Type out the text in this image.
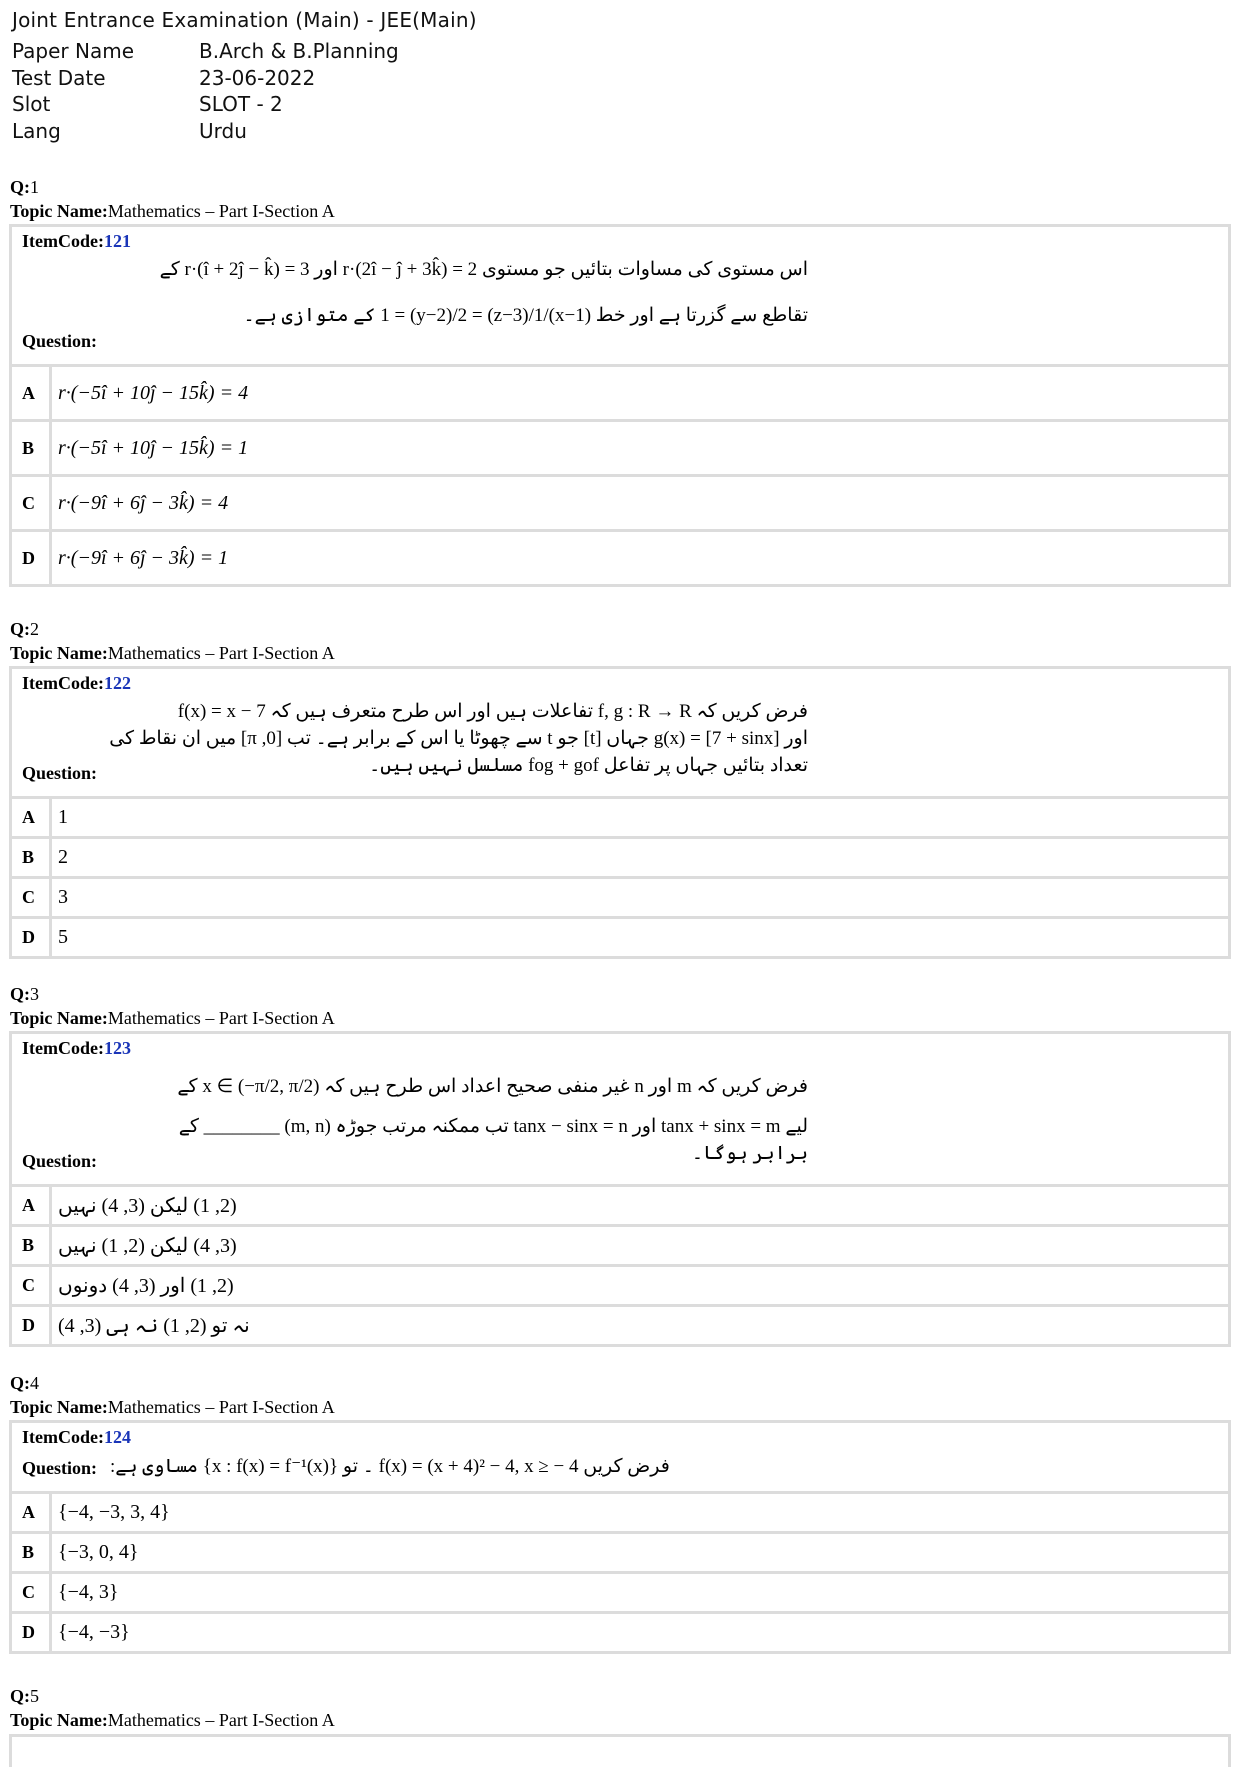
Joint Entrance Examination (Main) - JEE(Main)
Paper Name	B.Arch & B.Planning
Test Date	23-06-2022
Slot	SLOT - 2
Lang	Urdu
Q:1
Topic Name:Mathematics – Part I-Section A
ItemCode:121
اس مستوی کی مساوات بتائیں جو مستوی r·(2î − ĵ + 3k̂) = 2 اور r·(î + 2ĵ − k̂) = 3 کے
تقاطع سے گزرتا ہے اور خط (x−1)/1 = (y−2)/2 = (z−3)/1 کے متوازی ہے۔
Question:
A	r·(−5î + 10ĵ − 15k̂) = 4
B	r·(−5î + 10ĵ − 15k̂) = 1
C	r·(−9î + 6ĵ − 3k̂) = 4
D	r·(−9î + 6ĵ − 3k̂) = 1
Q:2
Topic Name:Mathematics – Part I-Section A
ItemCode:122
فرض کریں کہ f, g : R → R تفاعلات ہیں اور اس طرح متعرف ہیں کہ f(x) = x − 7
اور g(x) = [7 + sinx] جہاں [t] جو t سے چھوٹا یا اس کے برابر ہے۔ تب [0, π] میں ان نقاط کی
تعداد بتائیں جہاں پر تفاعل fog + gof مسلسل نہیں ہیں۔
Question:
A	1
B	2
C	3
D	5
Q:3
Topic Name:Mathematics – Part I-Section A
ItemCode:123
فرض کریں کہ m اور n غیر منفی صحیح اعداد اس طرح ہیں کہ x ∈ (−π/2, π/2) کے
لیے tanx + sinx = m اور tanx − sinx = n تب ممکنہ مرتب جوڑہ (m, n) ________ کے
برابر ہوگا۔
Question:
A	(2, 1) لیکن (3, 4) نہیں
B	(3, 4) لیکن (2, 1) نہیں
C	(2, 1) اور (3, 4) دونوں
D	نہ تو (2, 1) نہ ہی (3, 4)
Q:4
Topic Name:Mathematics – Part I-Section A
ItemCode:124
فرض کریں f(x) = (x + 4)² − 4, x ≥ − 4 ۔ تو {x : f(x) = f⁻¹(x)} مساوی ہے:
Question:
A	{−4, −3, 3, 4}
B	{−3, 0, 4}
C	{−4, 3}
D	{−4, −3}
Q:5
Topic Name:Mathematics – Part I-Section A
